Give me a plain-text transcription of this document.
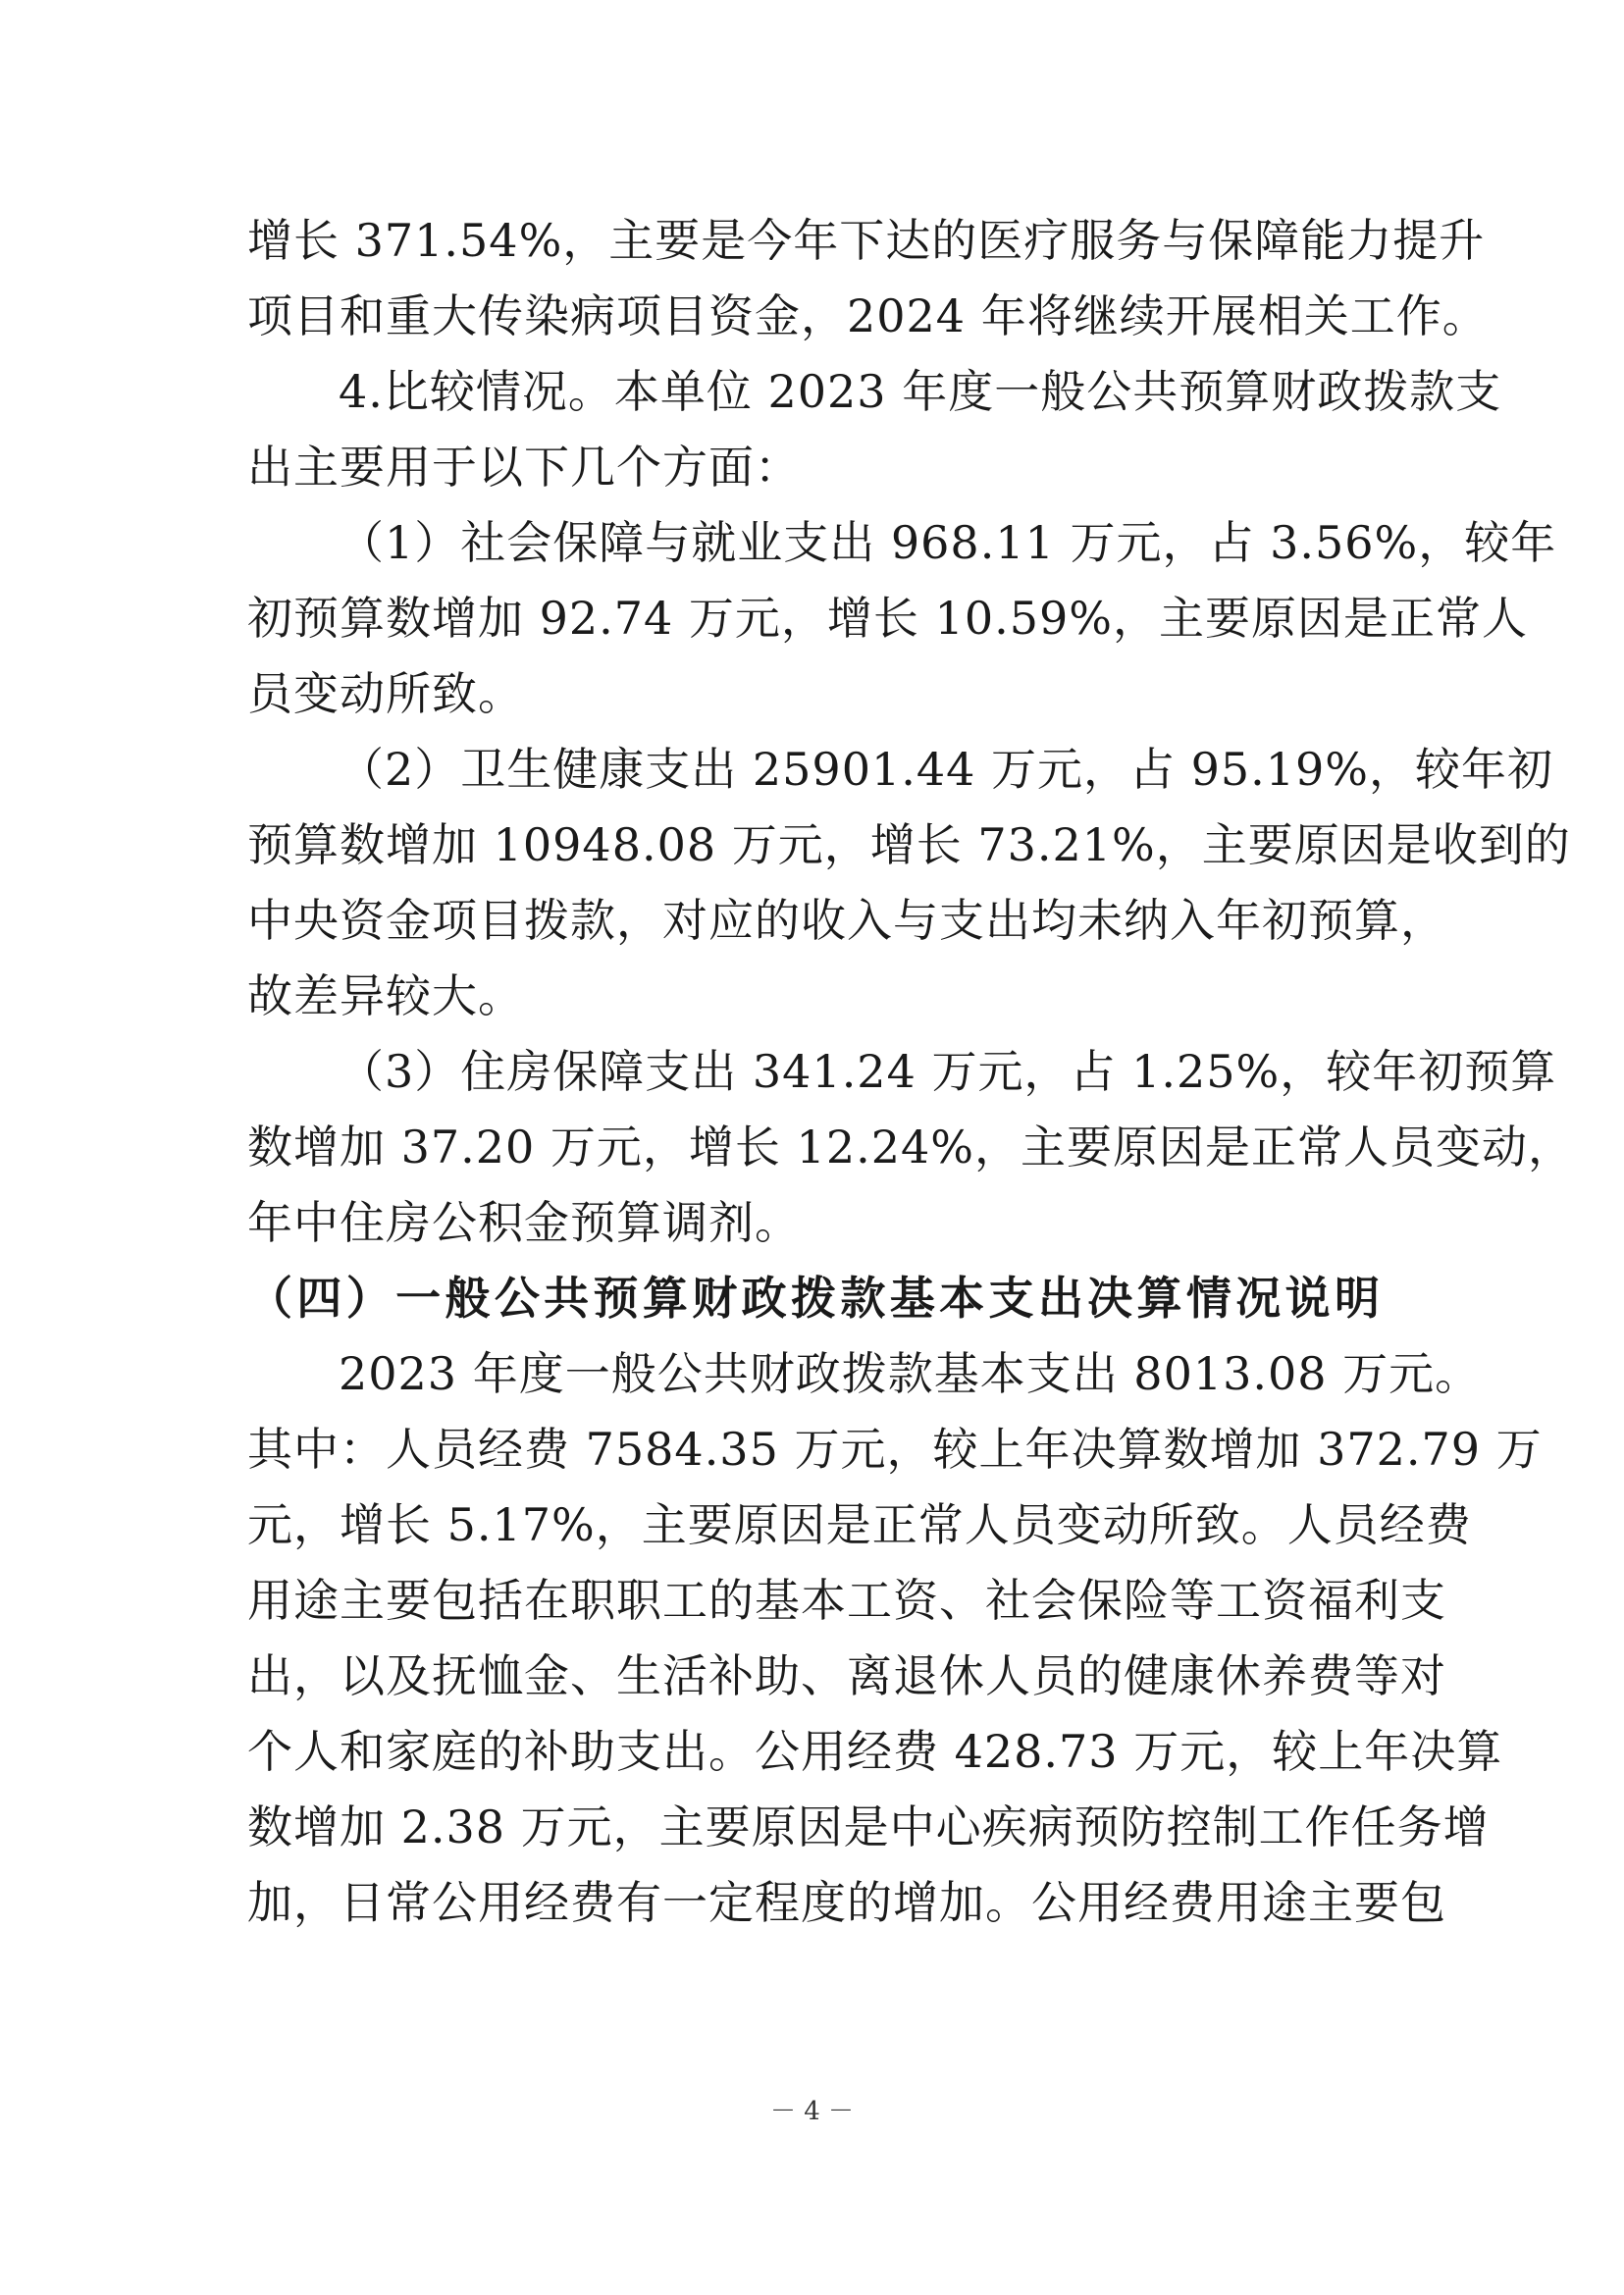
增长 371.54%，主要是今年下达的医疗服务与保障能力提升
项目和重大传染病项目资金，2024 年将继续开展相关工作。
4.比较情况。本单位 2023 年度一般公共预算财政拨款支
出主要用于以下几个方面：
（1）社会保障与就业支出 968.11 万元，占 3.56%，较年
初预算数增加 92.74 万元，增长 10.59%，主要原因是正常人
员变动所致。
（2）卫生健康支出 25901.44 万元，占 95.19%，较年初
预算数增加 10948.08 万元，增长 73.21%，主要原因是收到的
中央资金项目拨款，对应的收入与支出均未纳入年初预算，
故差异较大。
（3）住房保障支出 341.24 万元，占 1.25%，较年初预算
数增加 37.20 万元，增长 12.24%，主要原因是正常人员变动，
年中住房公积金预算调剂。
（四）一般公共预算财政拨款基本支出决算情况说明
2023 年度一般公共财政拨款基本支出 8013.08 万元。
其中：人员经费 7584.35 万元，较上年决算数增加 372.79 万
元，增长 5.17%，主要原因是正常人员变动所致。人员经费
用途主要包括在职职工的基本工资、社会保险等工资福利支
出，以及抚恤金、生活补助、离退休人员的健康休养费等对
个人和家庭的补助支出。公用经费 428.73 万元，较上年决算
数增加 2.38 万元，主要原因是中心疾病预防控制工作任务增
加，日常公用经费有一定程度的增加。公用经费用途主要包
－ 4 －
